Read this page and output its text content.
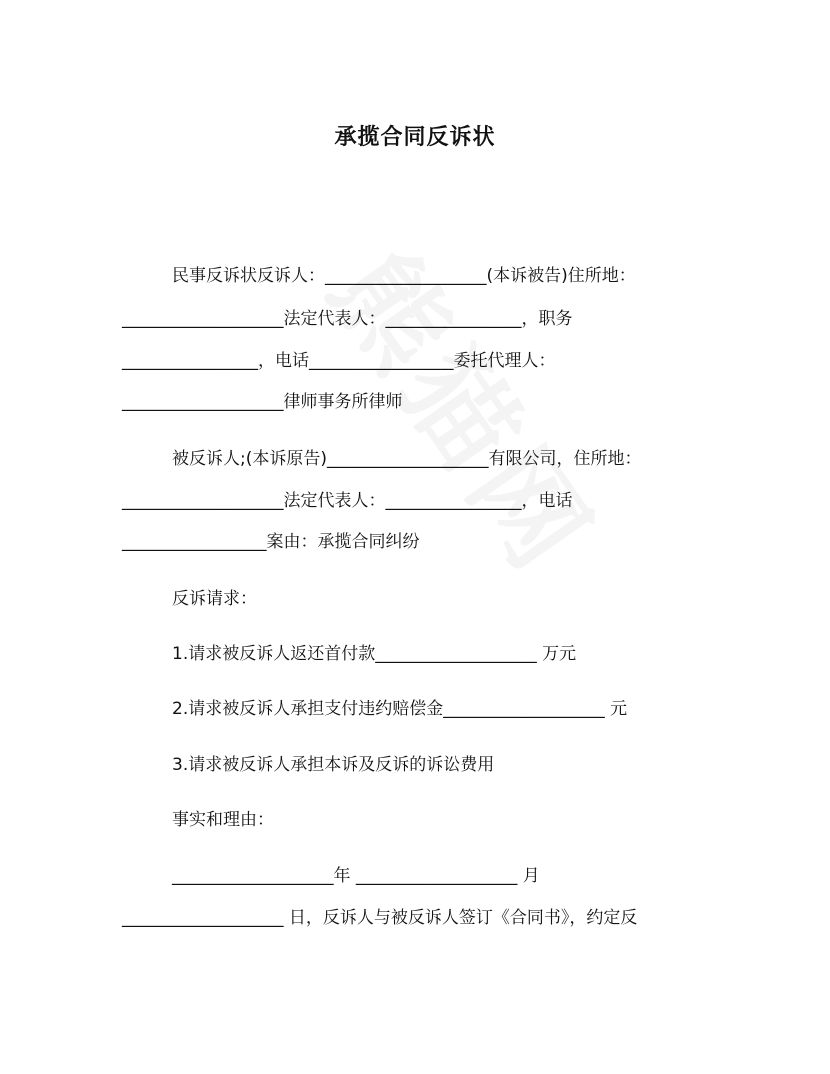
承揽合同反诉状
民事反诉状反诉人：___________________(本诉被告)住所地：
___________________法定代表人：________________，职务
________________，电话_________________委托代理人：
___________________律师事务所律师
被反诉人;(本诉原告)___________________有限公司，住所地：
___________________法定代表人：________________，电话
_________________案由：承揽合同纠纷
反诉请求：
1.请求被反诉人返还首付款___________________ 万元
2.请求被反诉人承担支付违约赔偿金___________________ 元
3.请求被反诉人承担本诉及反诉的诉讼费用
事实和理由：
___________________年 ___________________ 月
___________________ 日，反诉人与被反诉人签订《合同书》，约定反
